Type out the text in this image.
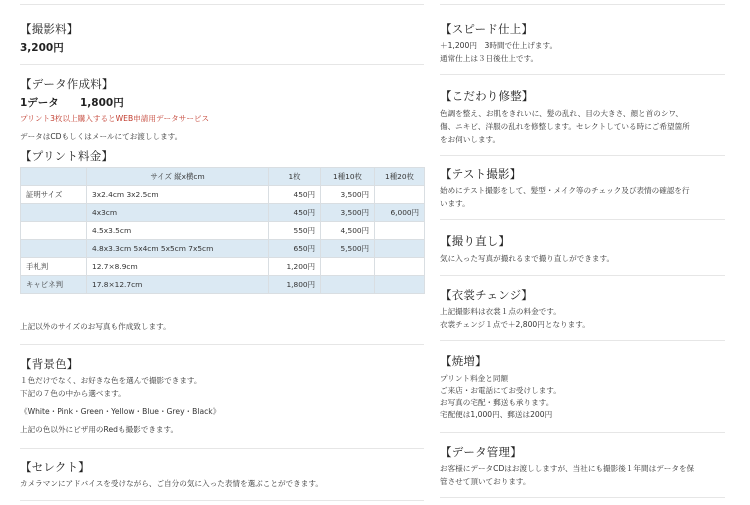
【撮影料】
3,200円
【データ作成料】
1データ 1,800円
プリント3枚以上購入するとWEB申請用データサービス
データはCDもしくはメールにてお渡しします。
【プリント料金】
	サイズ 縦x横cm	1枚	1種10枚	1種20枚
証明サイズ	3x2.4cm 3x2.5cm	450円	3,500円	
	4x3cm	450円	3,500円	6,000円
	4.5x3.5cm	550円	4,500円	
	4.8x3.3cm 5x4cm 5x5cm 7x5cm	650円	5,500円	
手札判	12.7×8.9cm	1,200円		
キャビネ判	17.8×12.7cm	1,800円		
上記以外のサイズのお写真も作成致します。
【背景色】
１色だけでなく、お好きな色を選んで撮影できます。
下記の７色の中から選べます。
《White・Pink・Green・Yellow・Blue・Grey・Black》
上記の色以外にビザ用のRedも撮影できます。
【セレクト】
カメラマンにアドバイスを受けながら、ご自分の気に入った表情を選ぶことができます。
【スピード仕上】
＋1,200円　3時間で仕上げます。
通常仕上は３日後仕上です。
【こだわり修整】
色調を整え、お肌をきれいに、髪の乱れ、目の大きさ、顔と首のシワ、
傷、ニキビ、洋服の乱れを修整します。セレクトしている時にご希望箇所
をお伺いします。
【テスト撮影】
始めにテスト撮影をして、髪型・メイク等のチェック及び表情の確認を行
います。
【撮り直し】
気に入った写真が撮れるまで撮り直しができます。
【衣裳チェンジ】
上記撮影料は衣裳１点の料金です。
衣裳チェンジ１点で＋2,800円となります。
【焼増】
プリント料金と同額
ご来店・お電話にてお受けします。
お写真の宅配・郵送も承ります。
宅配便は1,000円、郵送は200円
【データ管理】
お客様にデータCDはお渡ししますが、当社にも撮影後１年間はデータを保
管させて頂いております。
